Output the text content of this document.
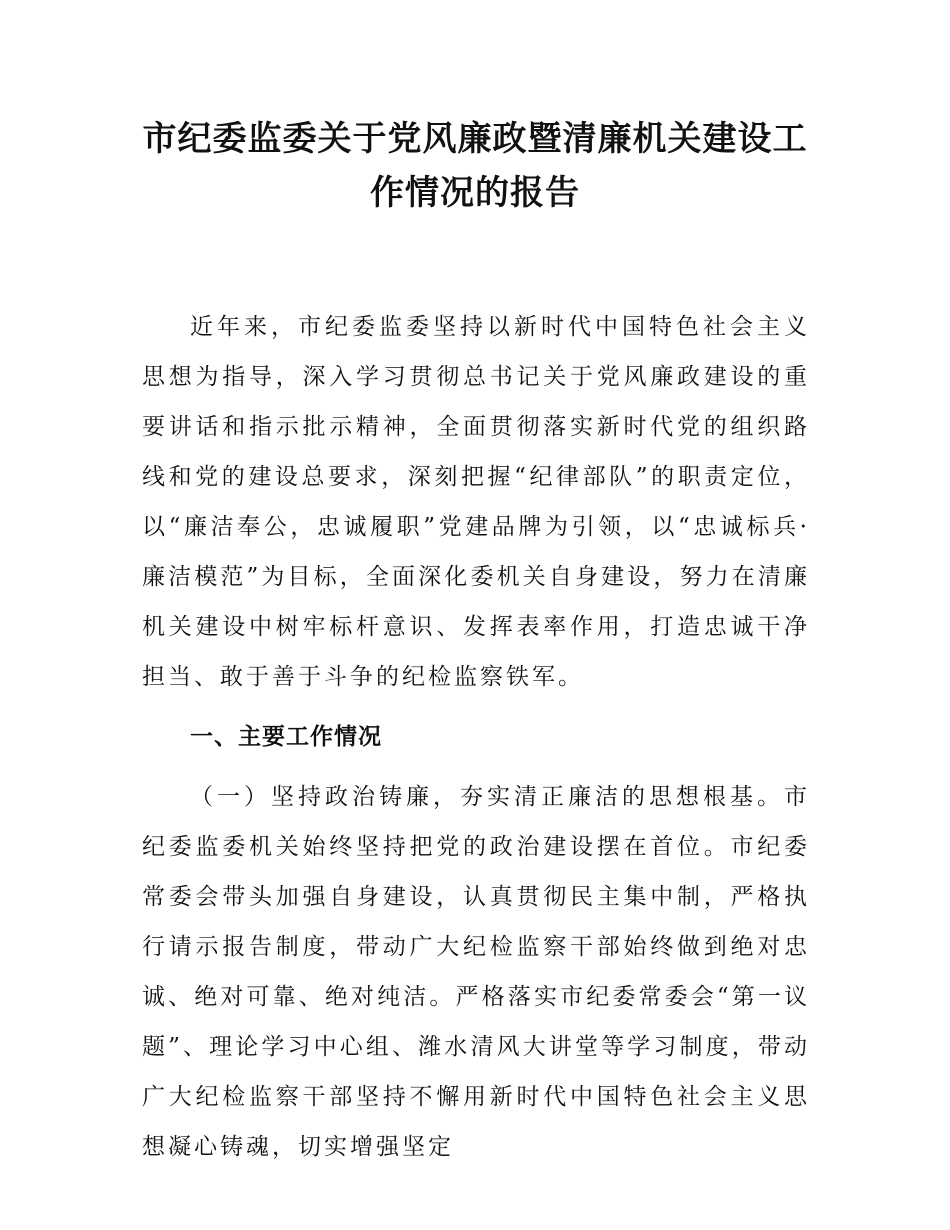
市纪委监委关于党风廉政暨清廉机关建设工
作情况的报告

近年来，市纪委监委坚持以新时代中国特色社会主义思想为指导，深入学习贯彻总书记关于党风廉政建设的重要讲话和指示批示精神，全面贯彻落实新时代党的组织路线和党的建设总要求，深刻把握“纪律部队”的职责定位，以“廉洁奉公，忠诚履职”党建品牌为引领，以“忠诚标兵·廉洁模范”为目标，全面深化委机关自身建设，努力在清廉机关建设中树牢标杆意识、发挥表率作用，打造忠诚干净担当、敢于善于斗争的纪检监察铁军。

一、主要工作情况

（一）坚持政治铸廉，夯实清正廉洁的思想根基。市纪委监委机关始终坚持把党的政治建设摆在首位。市纪委常委会带头加强自身建设，认真贯彻民主集中制，严格执行请示报告制度，带动广大纪检监察干部始终做到绝对忠诚、绝对可靠、绝对纯洁。严格落实市纪委常委会“第一议题”、理论学习中心组、潍水清风大讲堂等学习制度，带动广大纪检监察干部坚持不懈用新时代中国特色社会主义思想凝心铸魂，切实增强坚定
